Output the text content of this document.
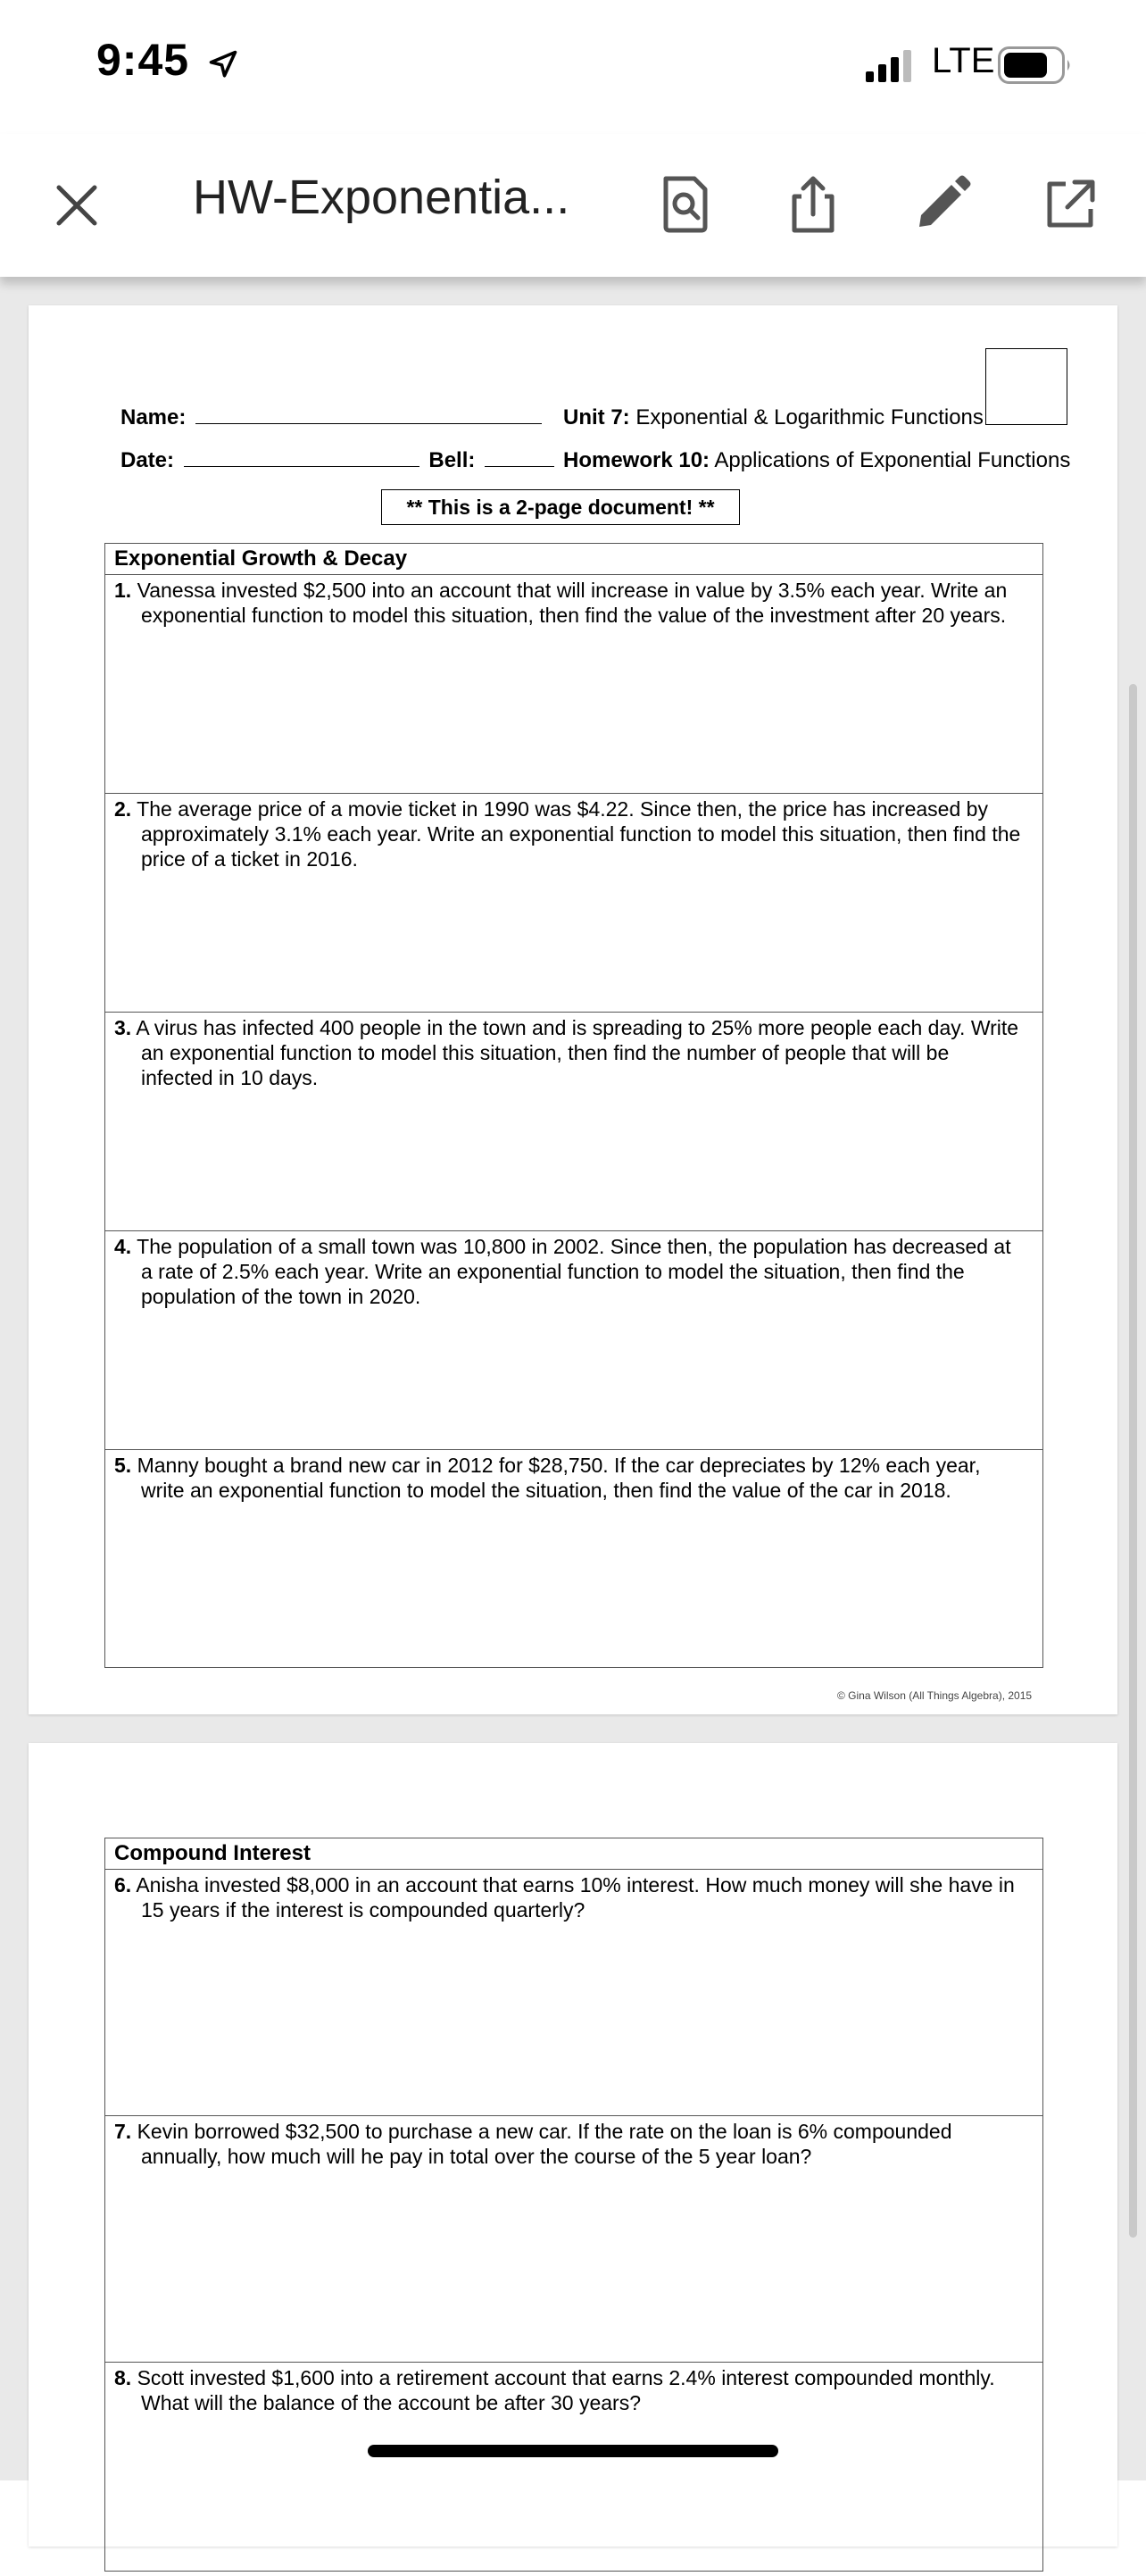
9:45	LTE
HW-Exponentia...
Name:	Unit 7: Exponential & Logarithmic Functions
Date:	Bell:	Homework 10: Applications of Exponential Functions
** This is a 2-page document! **
Exponential Growth & Decay
1. Vanessa invested $2,500 into an account that will increase in value by 3.5% each year. Write an exponential function to model this situation, then find the value of the investment after 20 years.
2. The average price of a movie ticket in 1990 was $4.22. Since then, the price has increased by approximately 3.1% each year. Write an exponential function to model this situation, then find the price of a ticket in 2016.
3. A virus has infected 400 people in the town and is spreading to 25% more people each day. Write an exponential function to model this situation, then find the number of people that will be infected in 10 days.
4. The population of a small town was 10,800 in 2002. Since then, the population has decreased at a rate of 2.5% each year. Write an exponential function to model the situation, then find the population of the town in 2020.
5. Manny bought a brand new car in 2012 for $28,750. If the car depreciates by 12% each year, write an exponential function to model the situation, then find the value of the car in 2018.
© Gina Wilson (All Things Algebra), 2015
Compound Interest
6. Anisha invested $8,000 in an account that earns 10% interest. How much money will she have in 15 years if the interest is compounded quarterly?
7. Kevin borrowed $32,500 to purchase a new car. If the rate on the loan is 6% compounded annually, how much will he pay in total over the course of the 5 year loan?
8. Scott invested $1,600 into a retirement account that earns 2.4% interest compounded monthly. What will the balance of the account be after 30 years?
